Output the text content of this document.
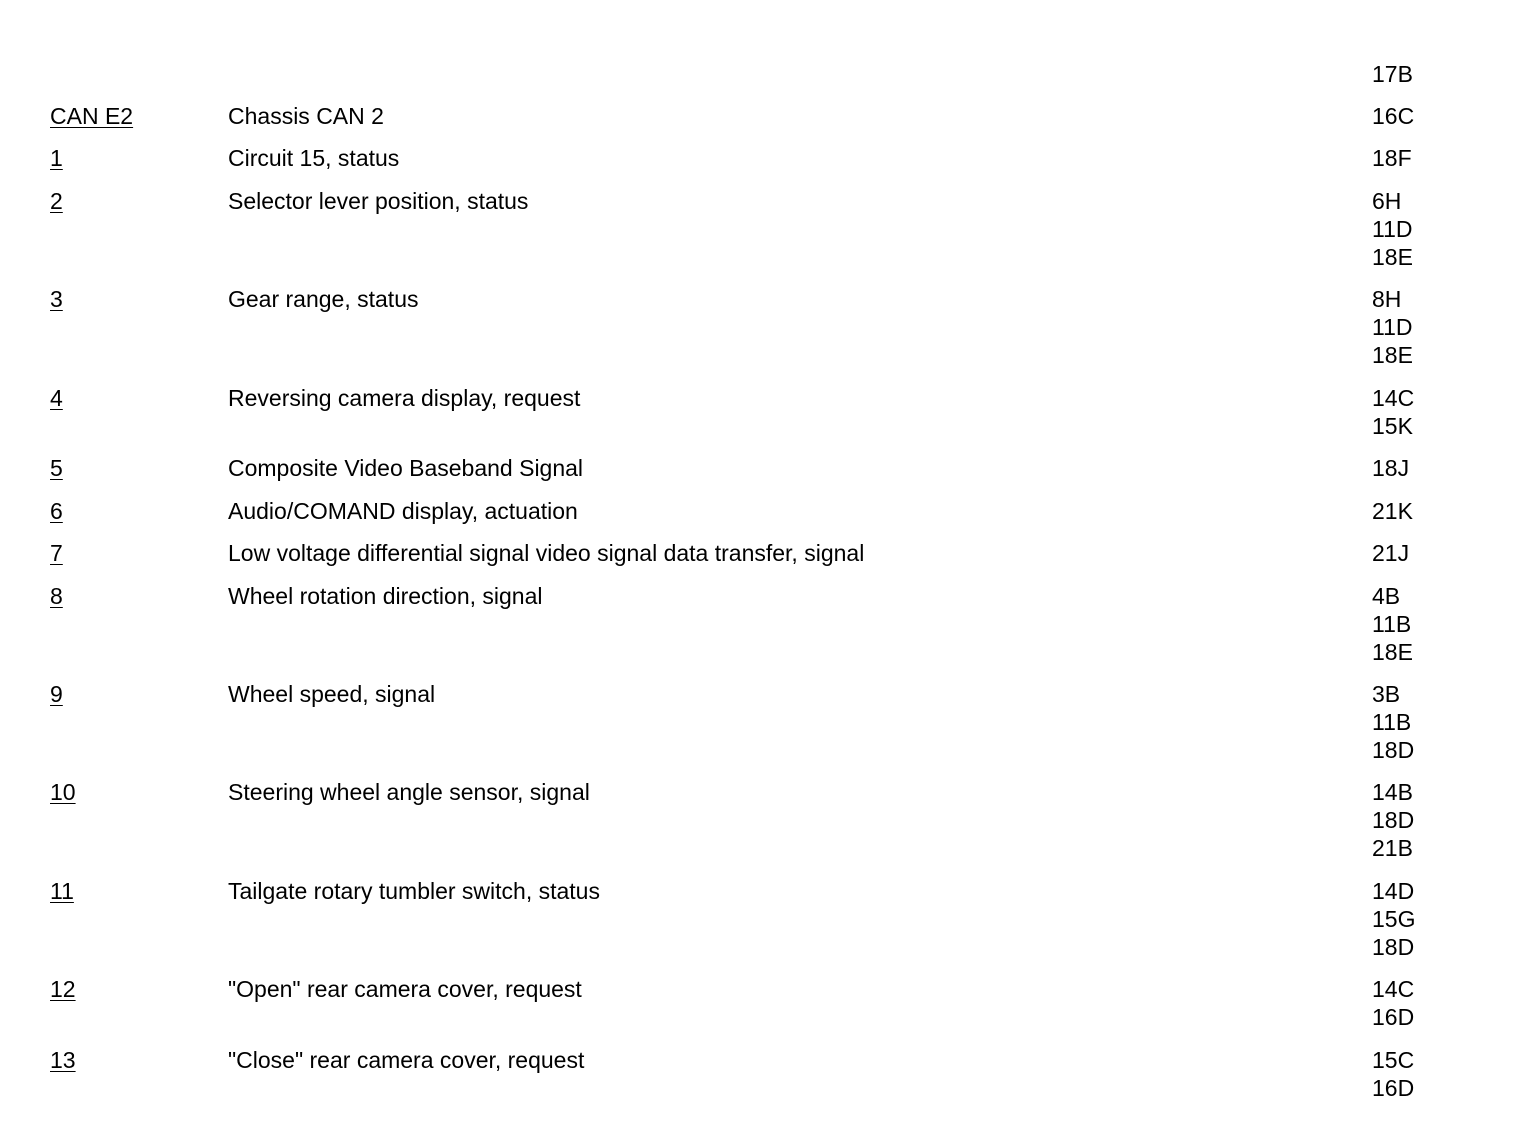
17B
CAN E2	Chassis CAN 2	16C
1	Circuit 15, status	18F
2	Selector lever position, status	6H
11D
18E
3	Gear range, status	8H
11D
18E
4	Reversing camera display, request	14C
15K
5	Composite Video Baseband Signal	18J
6	Audio/COMAND display, actuation	21K
7	Low voltage differential signal video signal data transfer, signal	21J
8	Wheel rotation direction, signal	4B
11B
18E
9	Wheel speed, signal	3B
11B
18D
10	Steering wheel angle sensor, signal	14B
18D
21B
11	Tailgate rotary tumbler switch, status	14D
15G
18D
12	"Open" rear camera cover, request	14C
16D
13	"Close" rear camera cover, request	15C
16D
